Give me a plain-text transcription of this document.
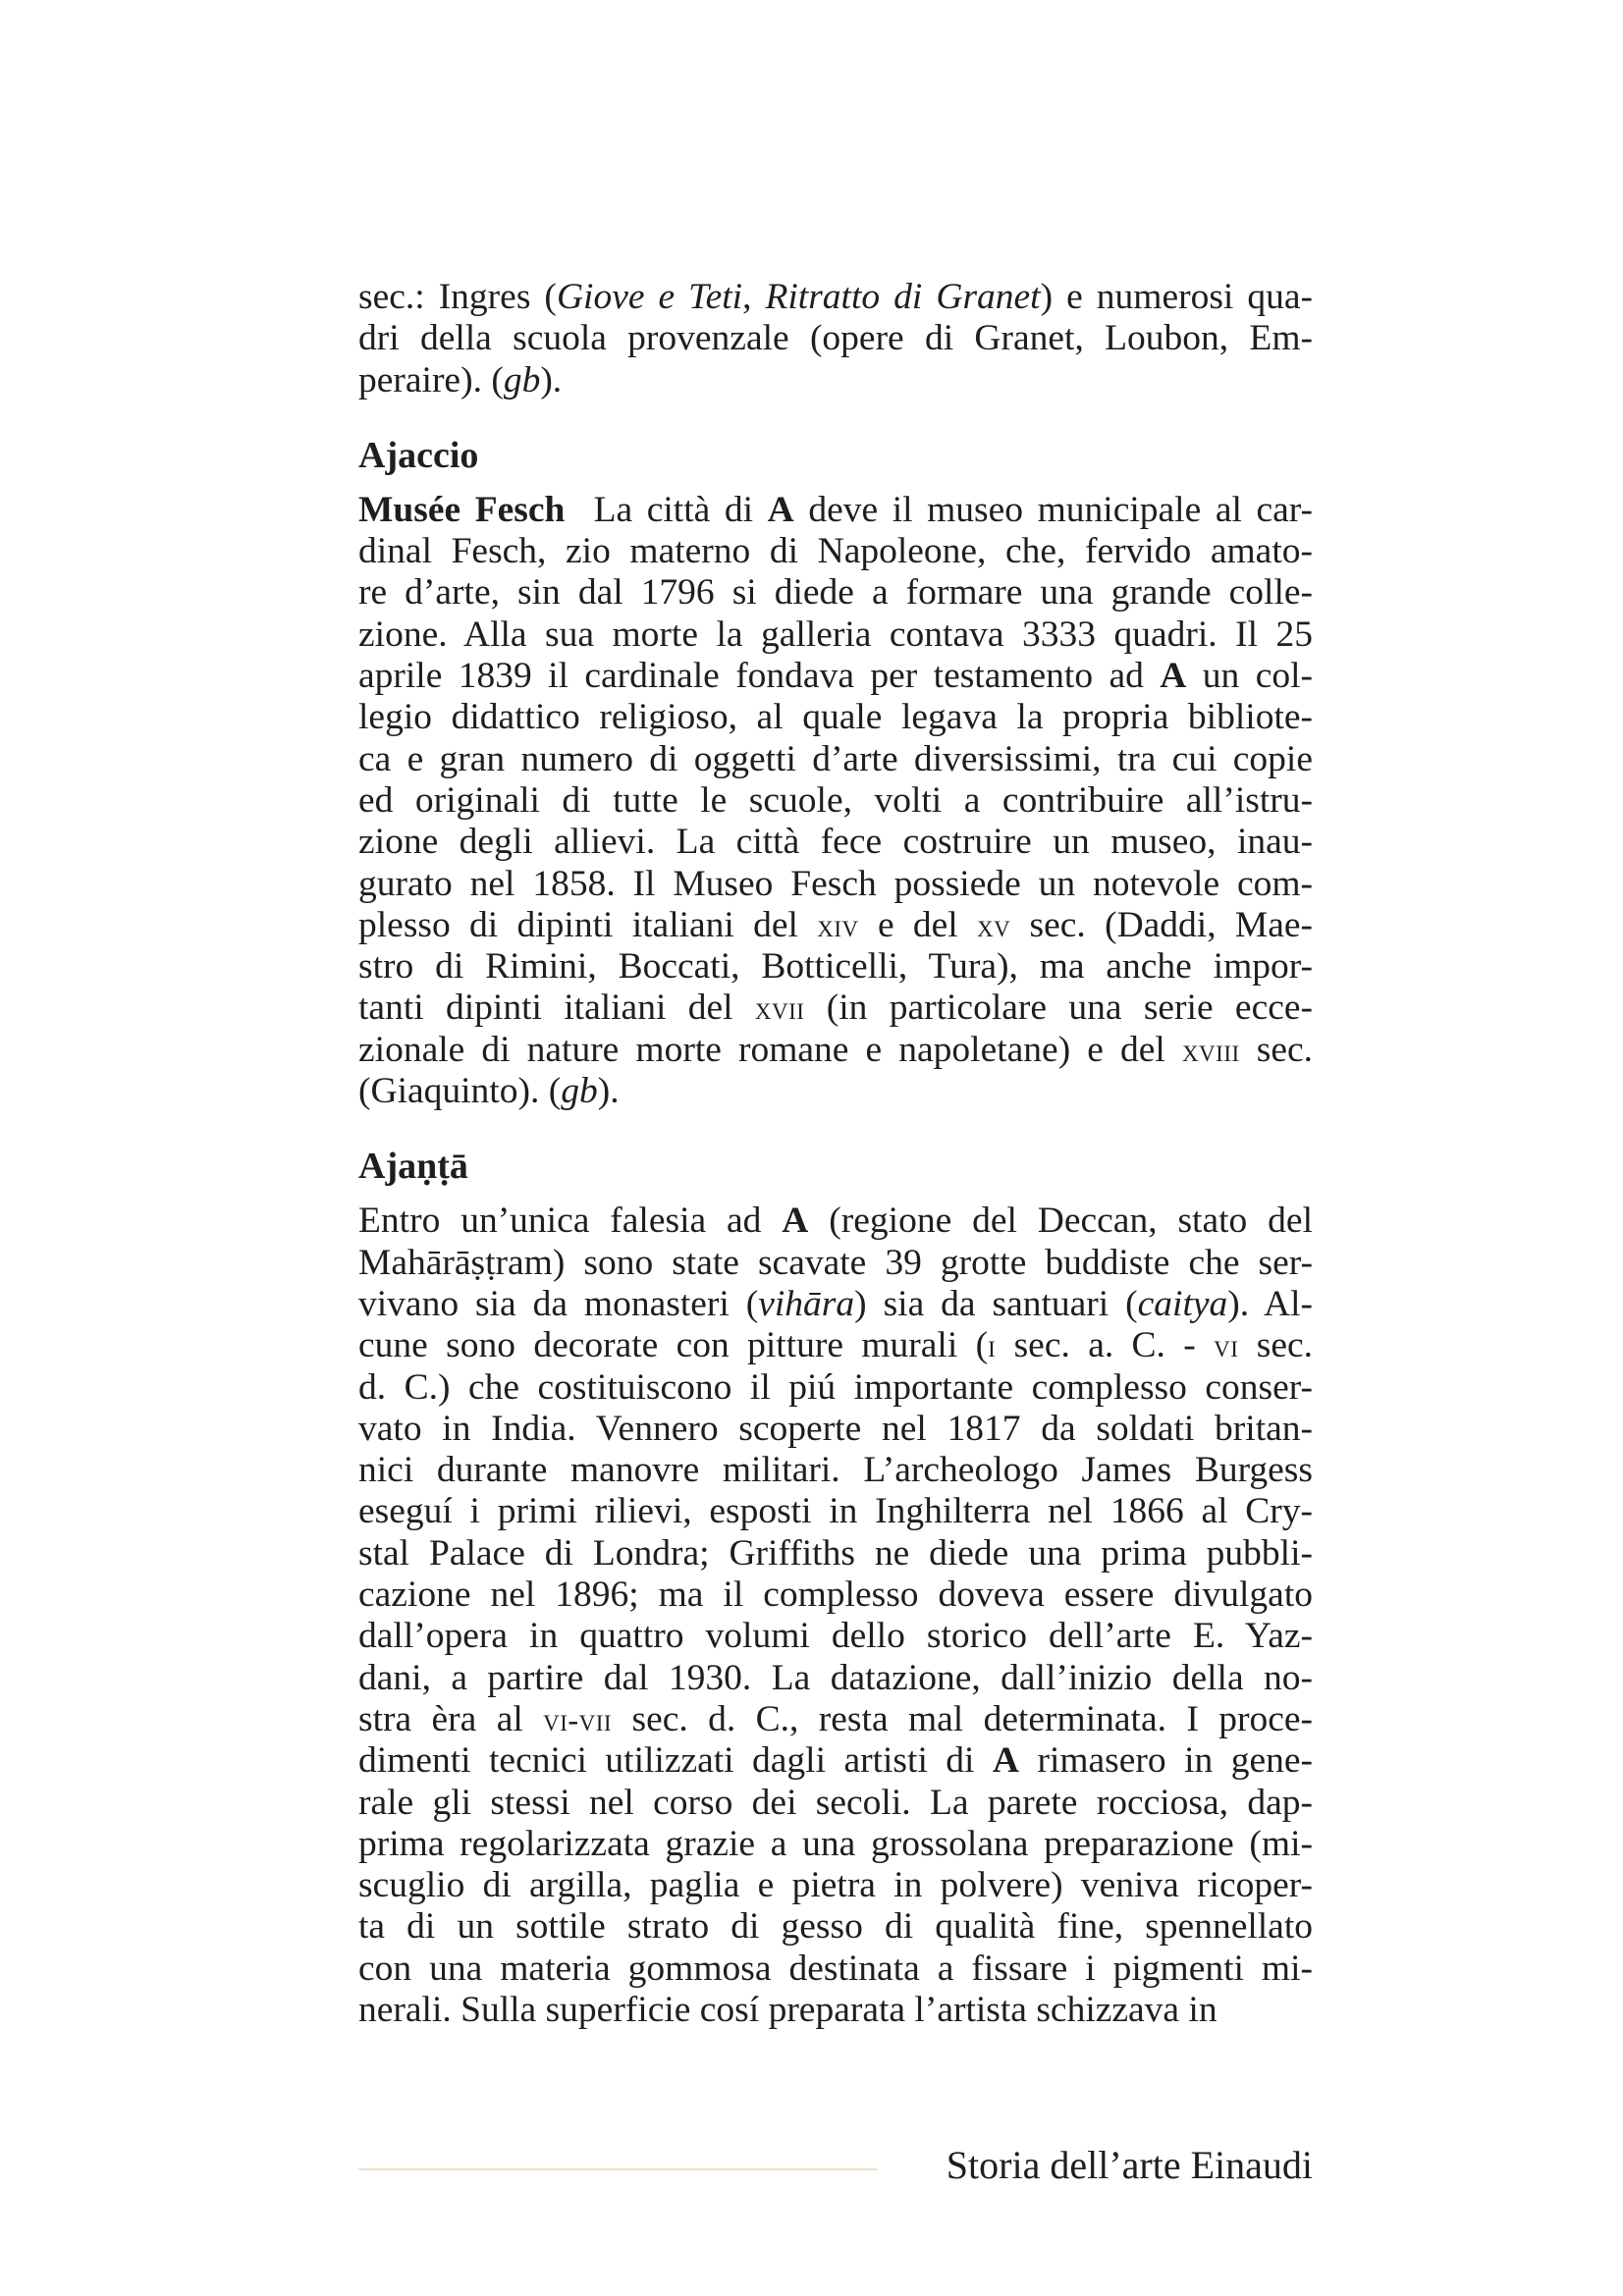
sec.: Ingres (Giove e Teti, Ritratto di Granet) e numerosi qua-
dri della scuola provenzale (opere di Granet, Loubon, Em-
peraire). (gb).
Ajaccio
Musée Fesch  La città di A deve il museo municipale al car-
dinal Fesch, zio materno di Napoleone, che, fervido amato-
re d’arte, sin dal 1796 si diede a formare una grande colle-
zione. Alla sua morte la galleria contava 3333 quadri. Il 25
aprile 1839 il cardinale fondava per testamento ad A un col-
legio didattico religioso, al quale legava la propria bibliote-
ca e gran numero di oggetti d’arte diversissimi, tra cui copie
ed originali di tutte le scuole, volti a contribuire all’istru-
zione degli allievi. La città fece costruire un museo, inau-
gurato nel 1858. Il Museo Fesch possiede un notevole com-
plesso di dipinti italiani del xiv e del xv sec. (Daddi, Mae-
stro di Rimini, Boccati, Botticelli, Tura), ma anche impor-
tanti dipinti italiani del xvii (in particolare una serie ecce-
zionale di nature morte romane e napoletane) e del xviii sec.
(Giaquinto). (gb).
Ajaṇṭā
Entro un’unica falesia ad A (regione del Deccan, stato del
Mahārāṣṭram) sono state scavate 39 grotte buddiste che ser-
vivano sia da monasteri (vihāra) sia da santuari (caitya). Al-
cune sono decorate con pitture murali (i sec. a. C. - vi sec.
d. C.) che costituiscono il piú importante complesso conser-
vato in India. Vennero scoperte nel 1817 da soldati britan-
nici durante manovre militari. L’archeologo James Burgess
eseguí i primi rilievi, esposti in Inghilterra nel 1866 al Cry-
stal Palace di Londra; Griffiths ne diede una prima pubbli-
cazione nel 1896; ma il complesso doveva essere divulgato
dall’opera in quattro volumi dello storico dell’arte E. Yaz-
dani, a partire dal 1930. La datazione, dall’inizio della no-
stra èra al vi-vii sec. d. C., resta mal determinata. I proce-
dimenti tecnici utilizzati dagli artisti di A rimasero in gene-
rale gli stessi nel corso dei secoli. La parete rocciosa, dap-
prima regolarizzata grazie a una grossolana preparazione (mi-
scuglio di argilla, paglia e pietra in polvere) veniva ricoper-
ta di un sottile strato di gesso di qualità fine, spennellato
con una materia gommosa destinata a fissare i pigmenti mi-
nerali. Sulla superficie cosí preparata l’artista schizzava in
Storia dell’arte Einaudi
